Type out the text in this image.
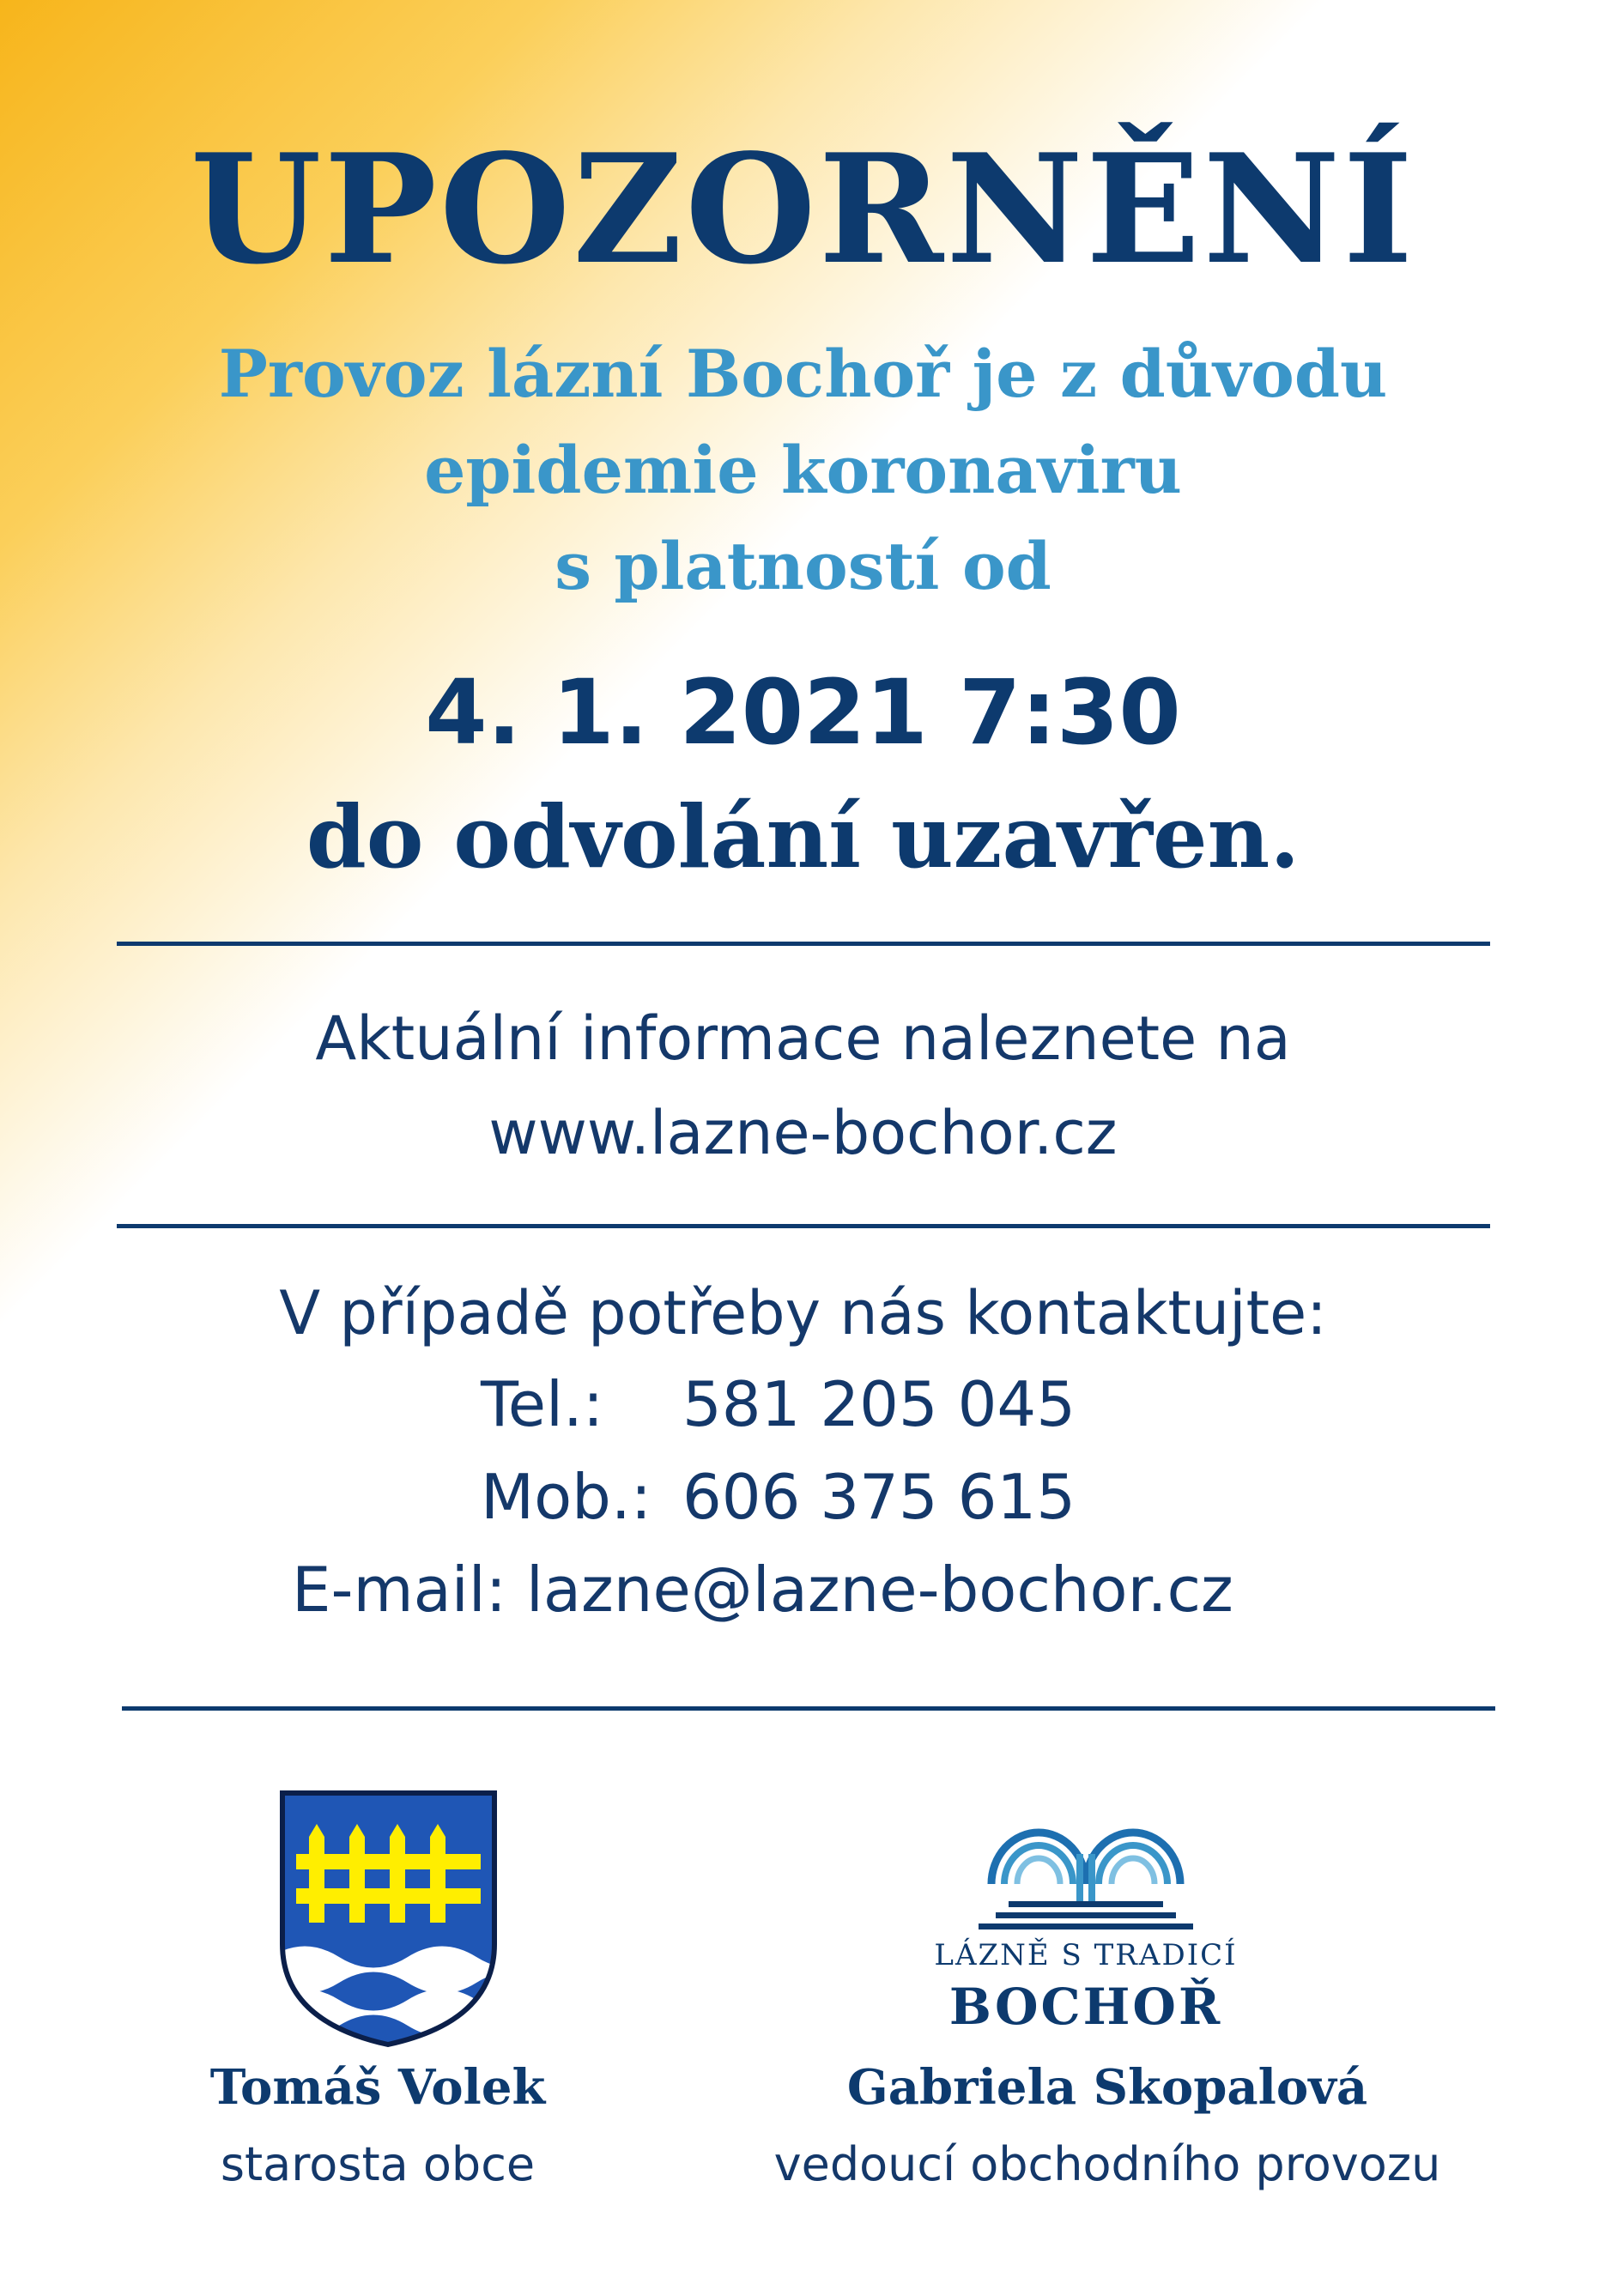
UPOZORNĚNÍ
Provoz lázní Bochoř je z důvodu
epidemie koronaviru
s platností od
4. 1. 2021 7:30
do odvolání uzavřen.
Aktuální informace naleznete na
www.lazne-bochor.cz
V případě potřeby nás kontaktujte:
Tel.: 581 205 045
Mob.: 606 375 615
E-mail: lazne@lazne-bochor.cz
LÁZNĚ S TRADICÍ
BOCHOŘ
Tomáš Volek
starosta obce
Gabriela Skopalová
vedoucí obchodního provozu
